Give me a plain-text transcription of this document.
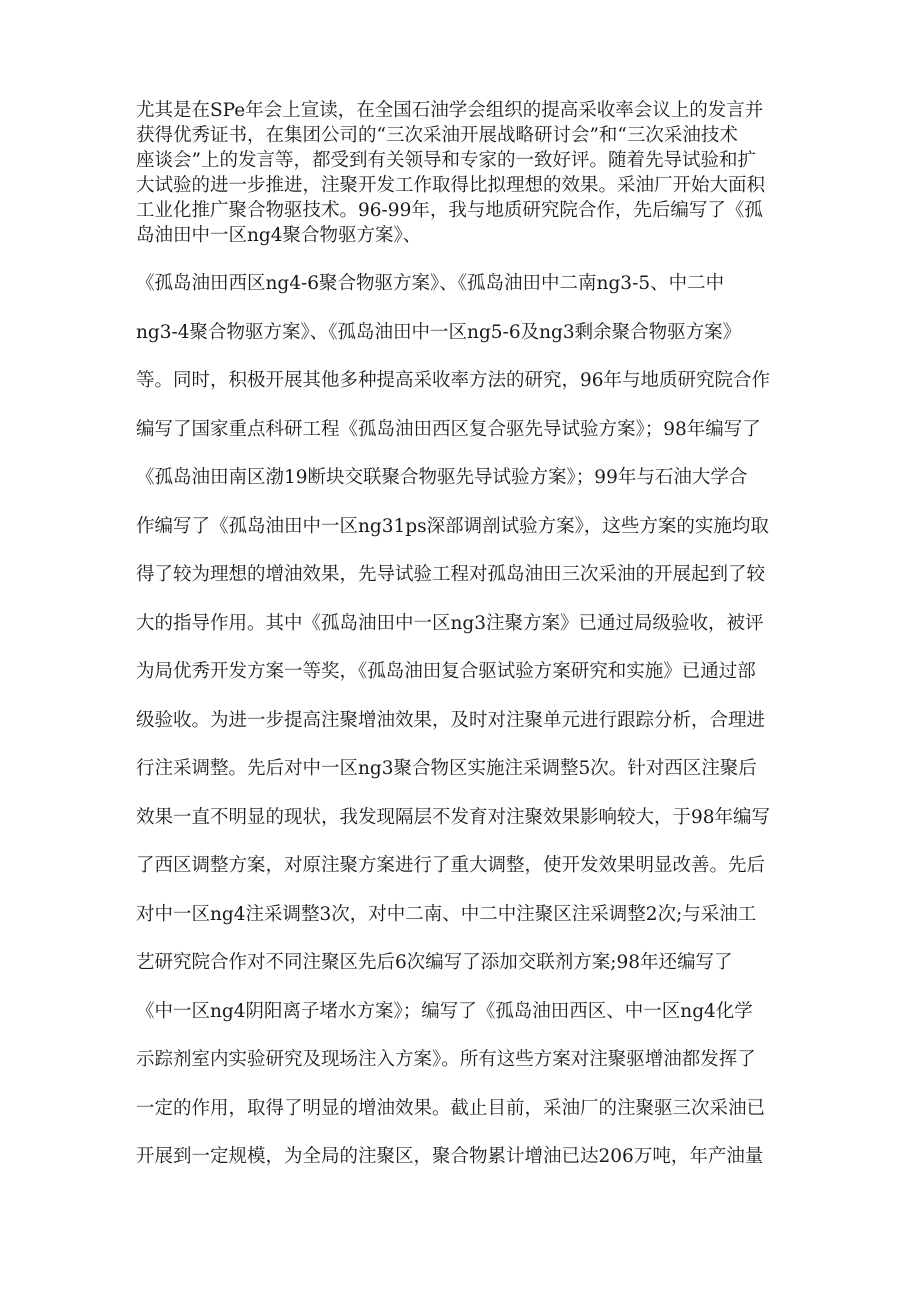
尤其是在SPe年会上宣读，在全国石油学会组织的提高采收率会议上的发言并
获得优秀证书，在集团公司的“三次采油开展战略研讨会”和“三次采油技术
座谈会”上的发言等，都受到有关领导和专家的一致好评。随着先导试验和扩
大试验的进一步推进，注聚开发工作取得比拟理想的效果。采油厂开始大面积
工业化推广聚合物驱技术。96-99年，我与地质研究院合作，先后编写了《孤
岛油田中一区ng4聚合物驱方案》、
《孤岛油田西区ng4-6聚合物驱方案》、《孤岛油田中二南ng3-5、中二中
ng3-4聚合物驱方案》、《孤岛油田中一区ng5-6及ng3剩余聚合物驱方案》
等。同时，积极开展其他多种提高采收率方法的研究，96年与地质研究院合作
编写了国家重点科研工程《孤岛油田西区复合驱先导试验方案》；98年编写了
《孤岛油田南区渤19断块交联聚合物驱先导试验方案》；99年与石油大学合
作编写了《孤岛油田中一区ng31ps深部调剖试验方案》，这些方案的实施均取
得了较为理想的增油效果，先导试验工程对孤岛油田三次采油的开展起到了较
大的指导作用。其中《孤岛油田中一区ng3注聚方案》已通过局级验收，被评
为局优秀开发方案一等奖，《孤岛油田复合驱试验方案研究和实施》已通过部
级验收。为进一步提高注聚增油效果，及时对注聚单元进行跟踪分析，合理进
行注采调整。先后对中一区ng3聚合物区实施注采调整5次。针对西区注聚后
效果一直不明显的现状，我发现隔层不发育对注聚效果影响较大，于98年编写
了西区调整方案，对原注聚方案进行了重大调整，使开发效果明显改善。先后
对中一区ng4注采调整3次，对中二南、中二中注聚区注采调整2次;与采油工
艺研究院合作对不同注聚区先后6次编写了添加交联剂方案;98年还编写了
《中一区ng4阴阳离子堵水方案》；编写了《孤岛油田西区、中一区ng4化学
示踪剂室内实验研究及现场注入方案》。所有这些方案对注聚驱增油都发挥了
一定的作用，取得了明显的增油效果。截止目前，采油厂的注聚驱三次采油已
开展到一定规模，为全局的注聚区，聚合物累计增油已达206万吨，年产油量
